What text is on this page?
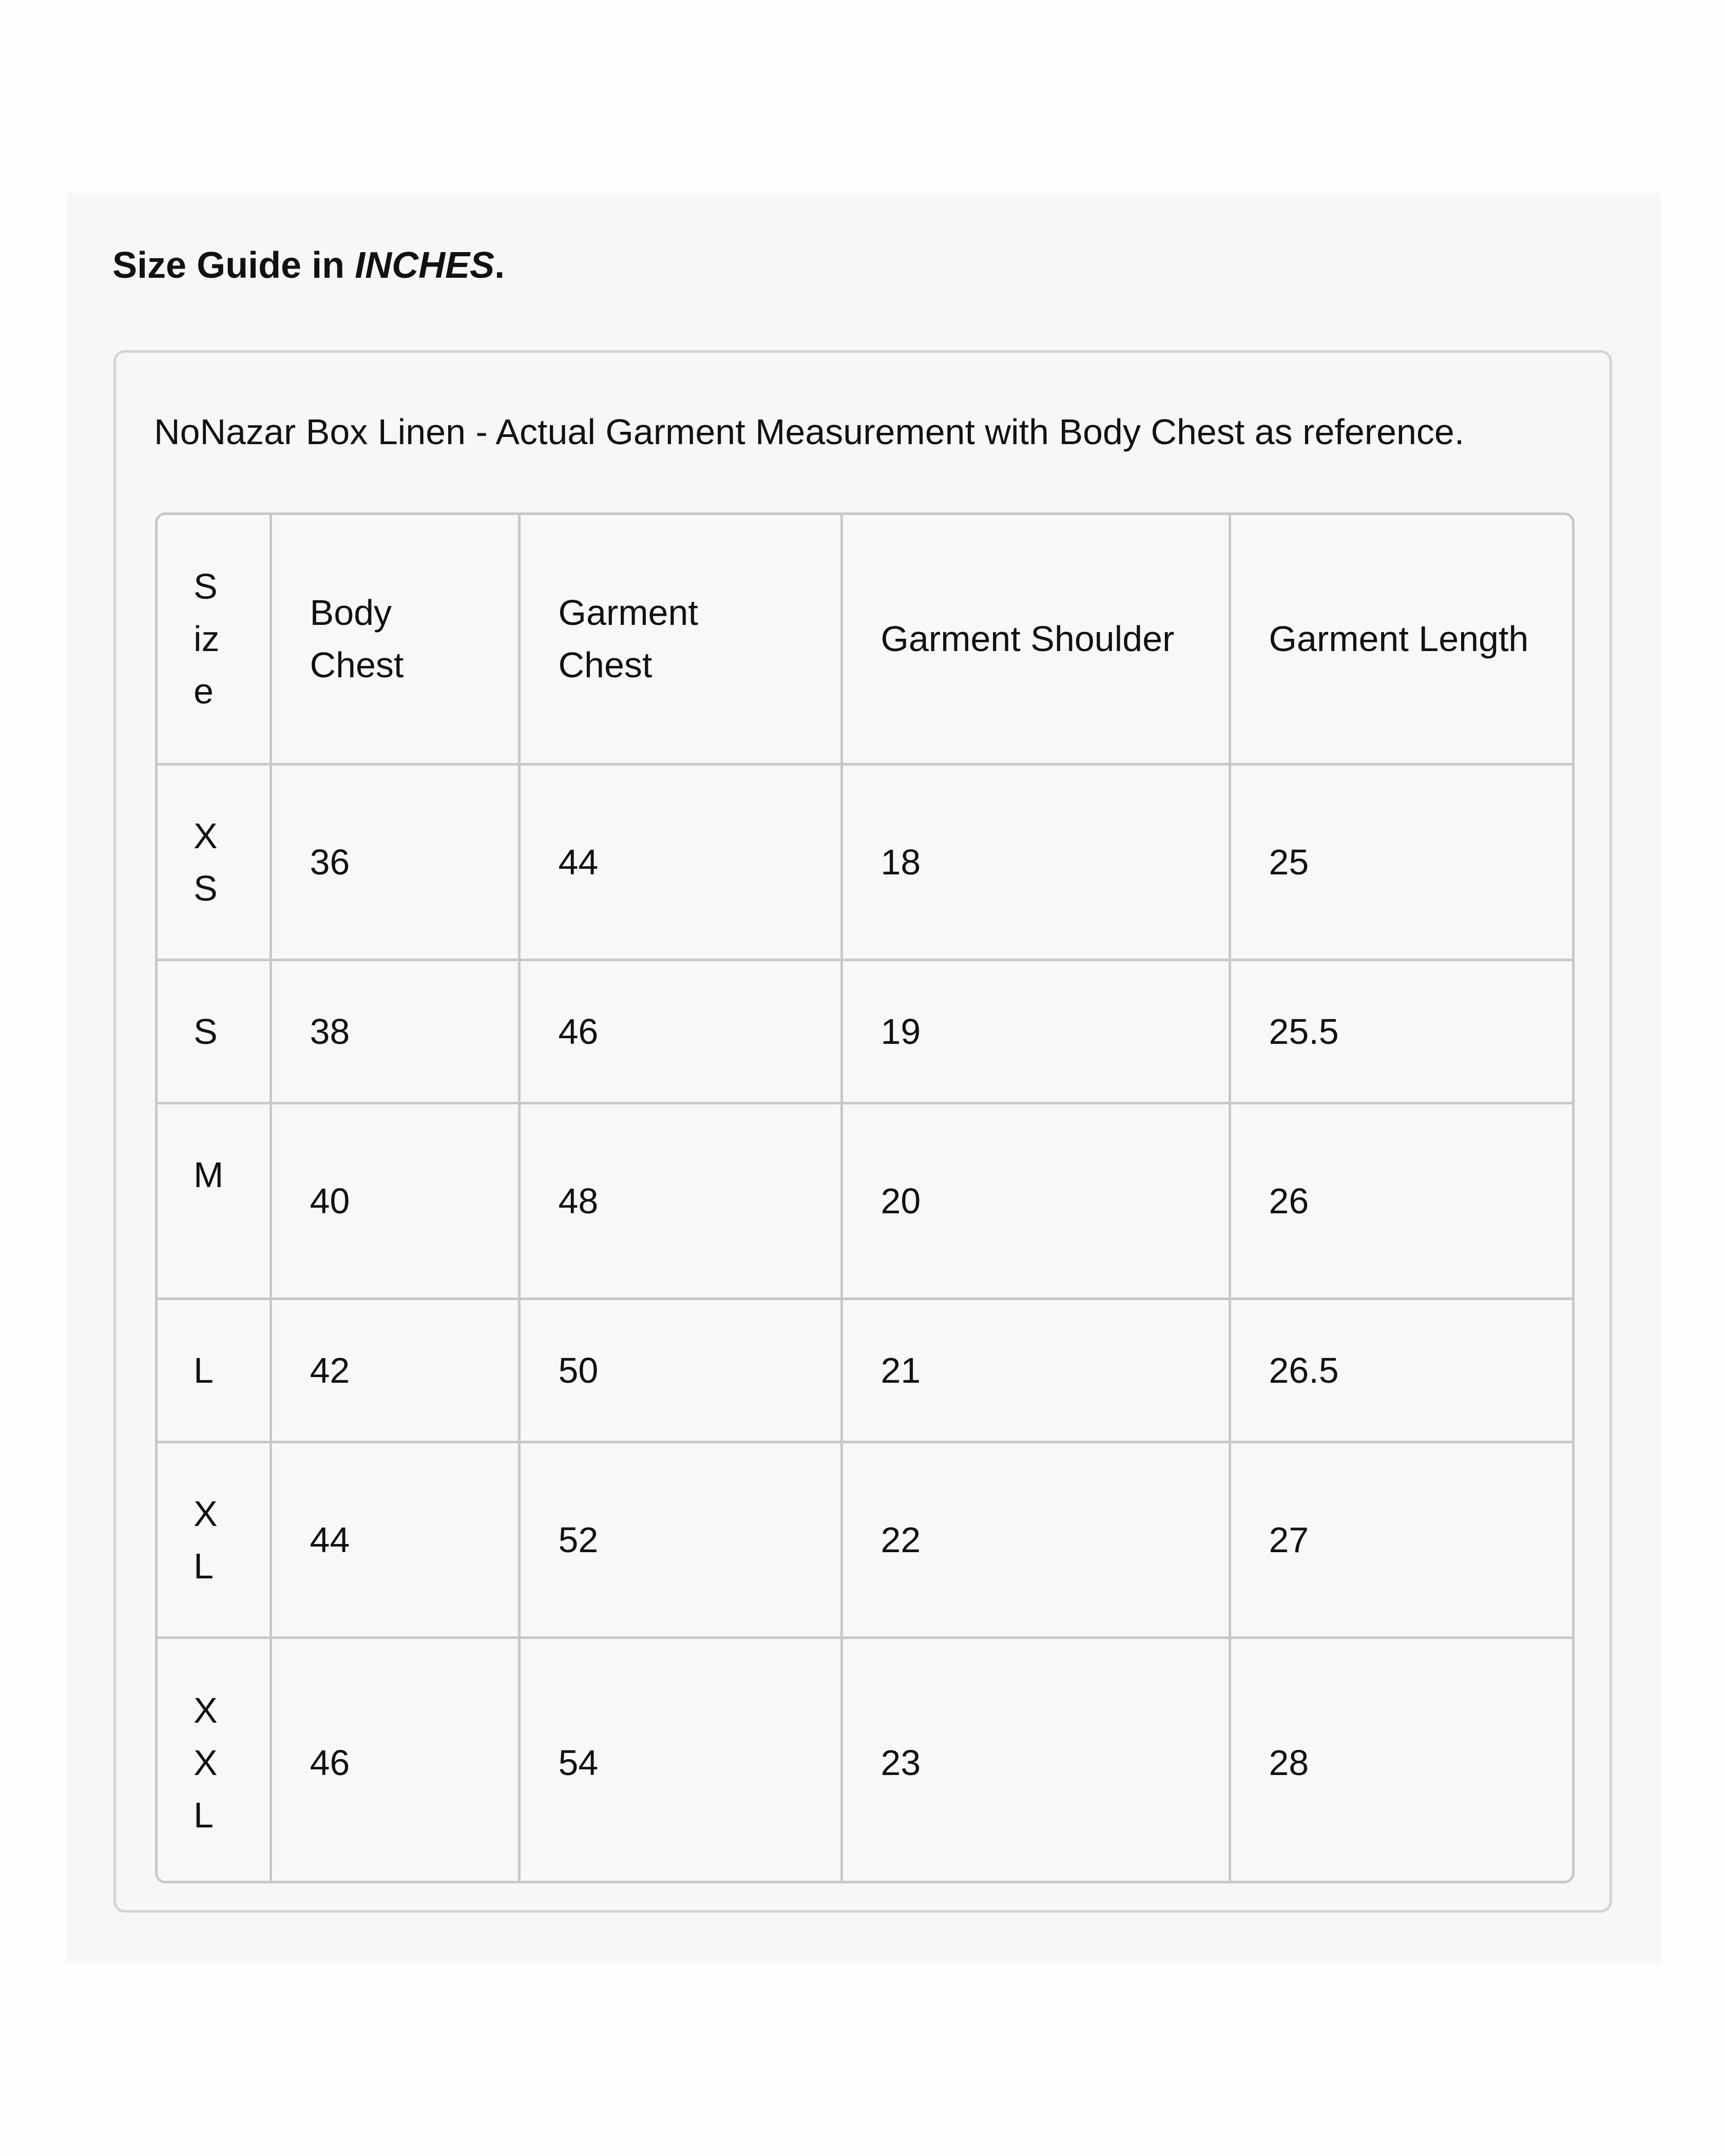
Size Guide in INCHES.

NoNazar Box Linen - Actual Garment Measurement with Body Chest as reference.

Size	Body Chest	Garment Chest	Garment Shoulder	Garment Length

XS	36	44	18	25

S	38	46	19	25.5

M	40	48	20	26

L	42	50	21	26.5

XL	44	52	22	27

XXL	46	54	23	28
